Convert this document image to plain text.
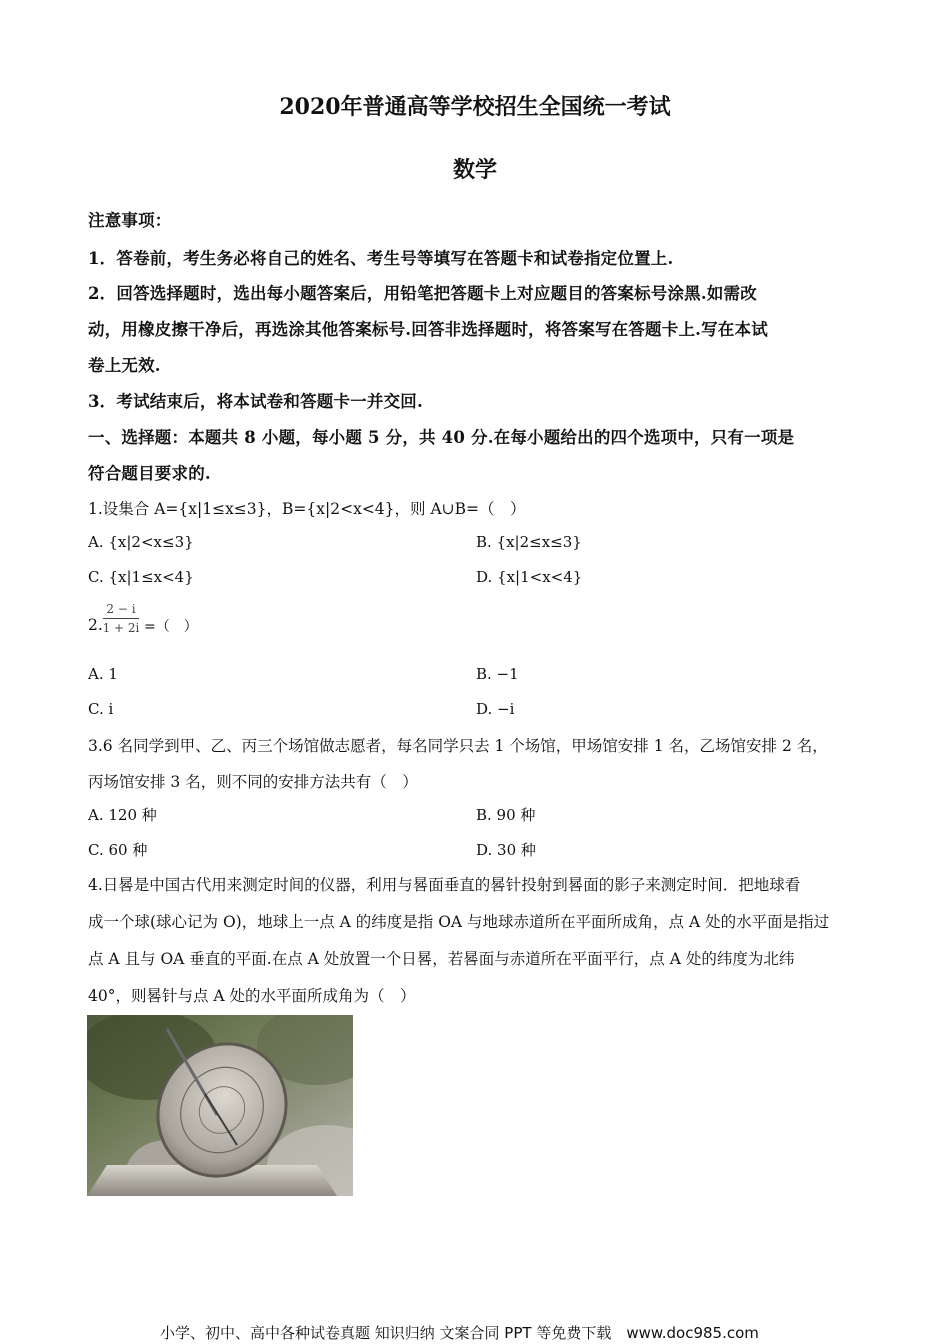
2020年普通高等学校招生全国统一考试
数学
注意事项：
1．答卷前，考生务必将自己的姓名、考生号等填写在答题卡和试卷指定位置上.
2．回答选择题时，选出每小题答案后，用铅笔把答题卡上对应题目的答案标号涂黑.如需改
动，用橡皮擦干净后，再选涂其他答案标号.回答非选择题时，将答案写在答题卡上.写在本试
卷上无效.
3．考试结束后，将本试卷和答题卡一并交回.
一、选择题：本题共 8 小题，每小题 5 分，共 40 分.在每小题给出的四个选项中，只有一项是
符合题目要求的.
1.设集合 A={x|1≤x≤3}，B={x|2<x<4}，则 A∪B=（　）
A. {x|2<x≤3}	B. {x|2≤x≤3}
C. {x|1≤x<4}	D. {x|1<x<4}
2.
2 − i
1 + 2i =（　）
A. 1	B. −1
C. i	D. −i
3.6 名同学到甲、乙、丙三个场馆做志愿者，每名同学只去 1 个场馆，甲场馆安排 1 名，乙场馆安排 2 名，
丙场馆安排 3 名，则不同的安排方法共有（　）
A. 120 种	B. 90 种
C. 60 种	D. 30 种
4.日晷是中国古代用来测定时间的仪器，利用与晷面垂直的晷针投射到晷面的影子来测定时间．把地球看
成一个球(球心记为 O)，地球上一点 A 的纬度是指 OA 与地球赤道所在平面所成角，点 A 处的水平面是指过
点 A 且与 OA 垂直的平面.在点 A 处放置一个日晷，若晷面与赤道所在平面平行，点 A 处的纬度为北纬
40°，则晷针与点 A 处的水平面所成角为（　）
小学、初中、高中各种试卷真题 知识归纳 文案合同 PPT 等免费下载　www.doc985.com
